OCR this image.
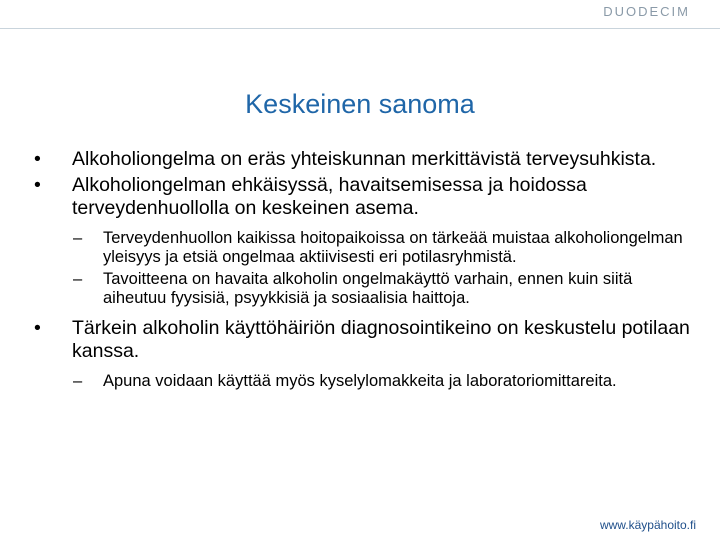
DUODECIM
Keskeinen sanoma
• Alkoholiongelma on eräs yhteiskunnan merkittävistä terveysuhkista.
• Alkoholiongelman ehkäisyssä, havaitsemisessa ja hoidossa terveydenhuollolla on keskeinen asema.
– Terveydenhuollon kaikissa hoitopaikoissa on tärkeää muistaa alkoholiongelman yleisyys ja etsiä ongelmaa aktiivisesti eri potilasryhmistä.
– Tavoitteena on havaita alkoholin ongelmakäyttö varhain, ennen kuin siitä aiheutuu fyysisiä, psyykkisiä ja sosiaalisia haittoja.
• Tärkein alkoholin käyttöhäiriön diagnosointikeino on keskustelu potilaan kanssa.
– Apuna voidaan käyttää myös kyselylomakkeita ja laboratoriomittareita.
www.käypähoito.fi
